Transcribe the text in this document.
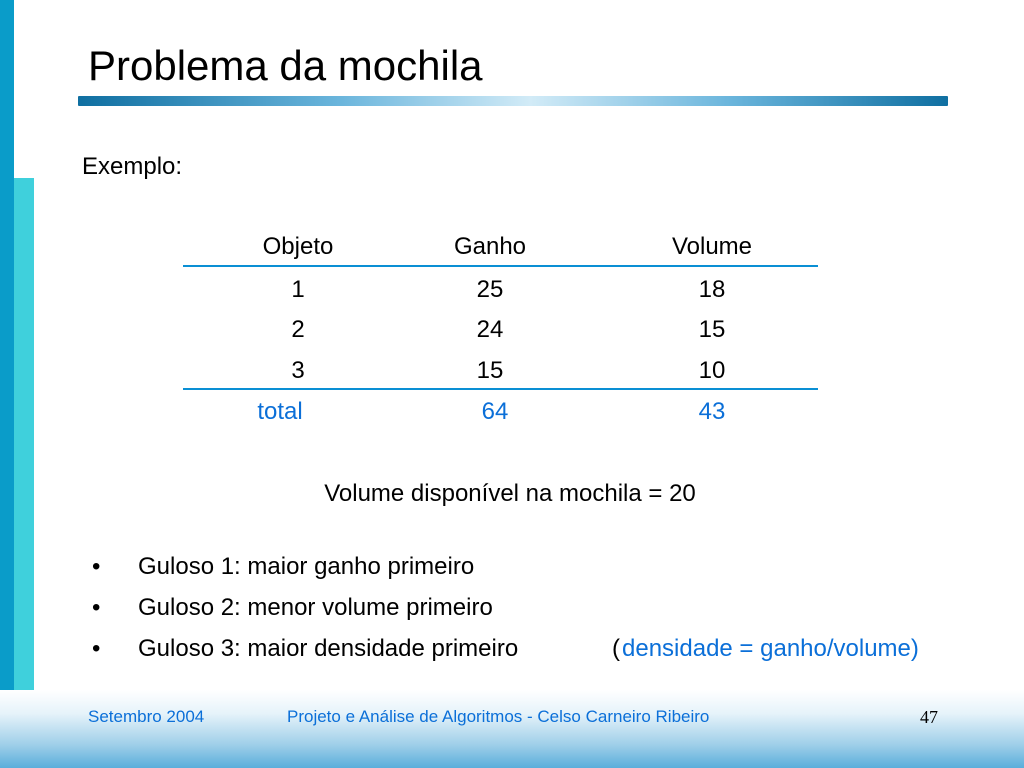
Problema da mochila
Exemplo:
Objeto	Ganho	Volume
1	25	18
2	24	15
3	15	10
total	64	43
Volume disponível na mochila = 20
• Guloso 1: maior ganho primeiro
• Guloso 2: menor volume primeiro
• Guloso 3: maior densidade primeiro	( densidade = ganho/volume)
Setembro 2004	Projeto e Análise de Algoritmos - Celso Carneiro Ribeiro	47
